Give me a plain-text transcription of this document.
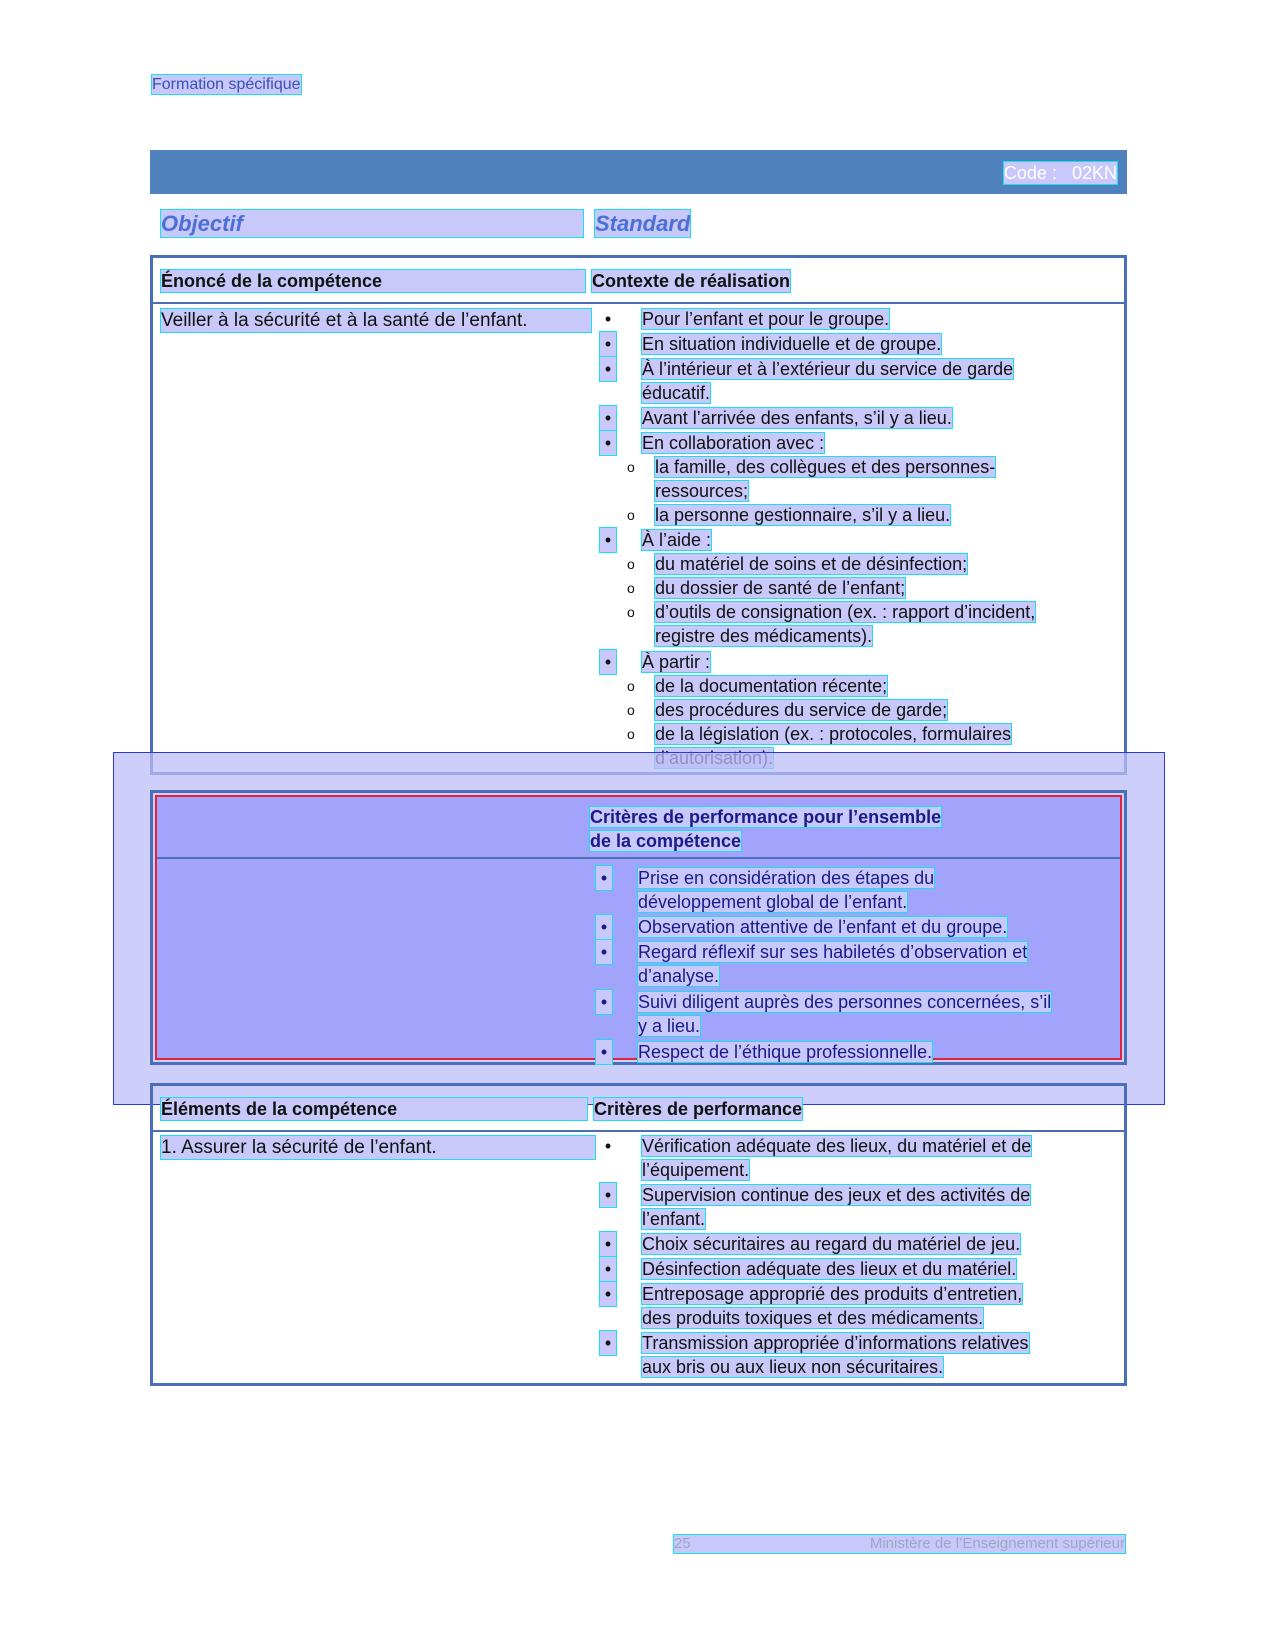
Formation spécifique
Code : 02KN
Objectif	Standard
Énoncé de la compétence	Contexte de réalisation
Veiller à la sécurité et à la santé de l’enfant.	• Pour l’enfant et pour le groupe.
• En situation individuelle et de groupe.
• À l’intérieur et à l’extérieur du service de garde
éducatif.
• Avant l’arrivée des enfants, s’il y a lieu.
• En collaboration avec :
o la famille, des collègues et des personnes-
ressources;
o la personne gestionnaire, s’il y a lieu.
• À l’aide :
o du matériel de soins et de désinfection;
o du dossier de santé de l’enfant;
o d’outils de consignation (ex. : rapport d’incident,
registre des médicaments).
• À partir :
o de la documentation récente;
o des procédures du service de garde;
o de la législation (ex. : protocoles, formulaires

Critères de performance pour l’ensemble
de la compétence
• Prise en considération des étapes du
développement global de l’enfant.
• Observation attentive de l’enfant et du groupe.
• Regard réflexif sur ses habiletés d’observation et
d’analyse.
• Suivi diligent auprès des personnes concernées, s’il
y a lieu.
• Respect de l’éthique professionnelle.
Éléments de la compétence	Critères de performance
1. Assurer la sécurité de l’enfant.	• Vérification adéquate des lieux, du matériel et de
l’équipement.
• Supervision continue des jeux et des activités de
l’enfant.
• Choix sécuritaires au regard du matériel de jeu.
• Désinfection adéquate des lieux et du matériel.
• Entreposage approprié des produits d’entretien,
des produits toxiques et des médicaments.
• Transmission appropriée d’informations relatives
aux bris ou aux lieux non sécuritaires.
25	Ministère de l’Enseignement supérieur
